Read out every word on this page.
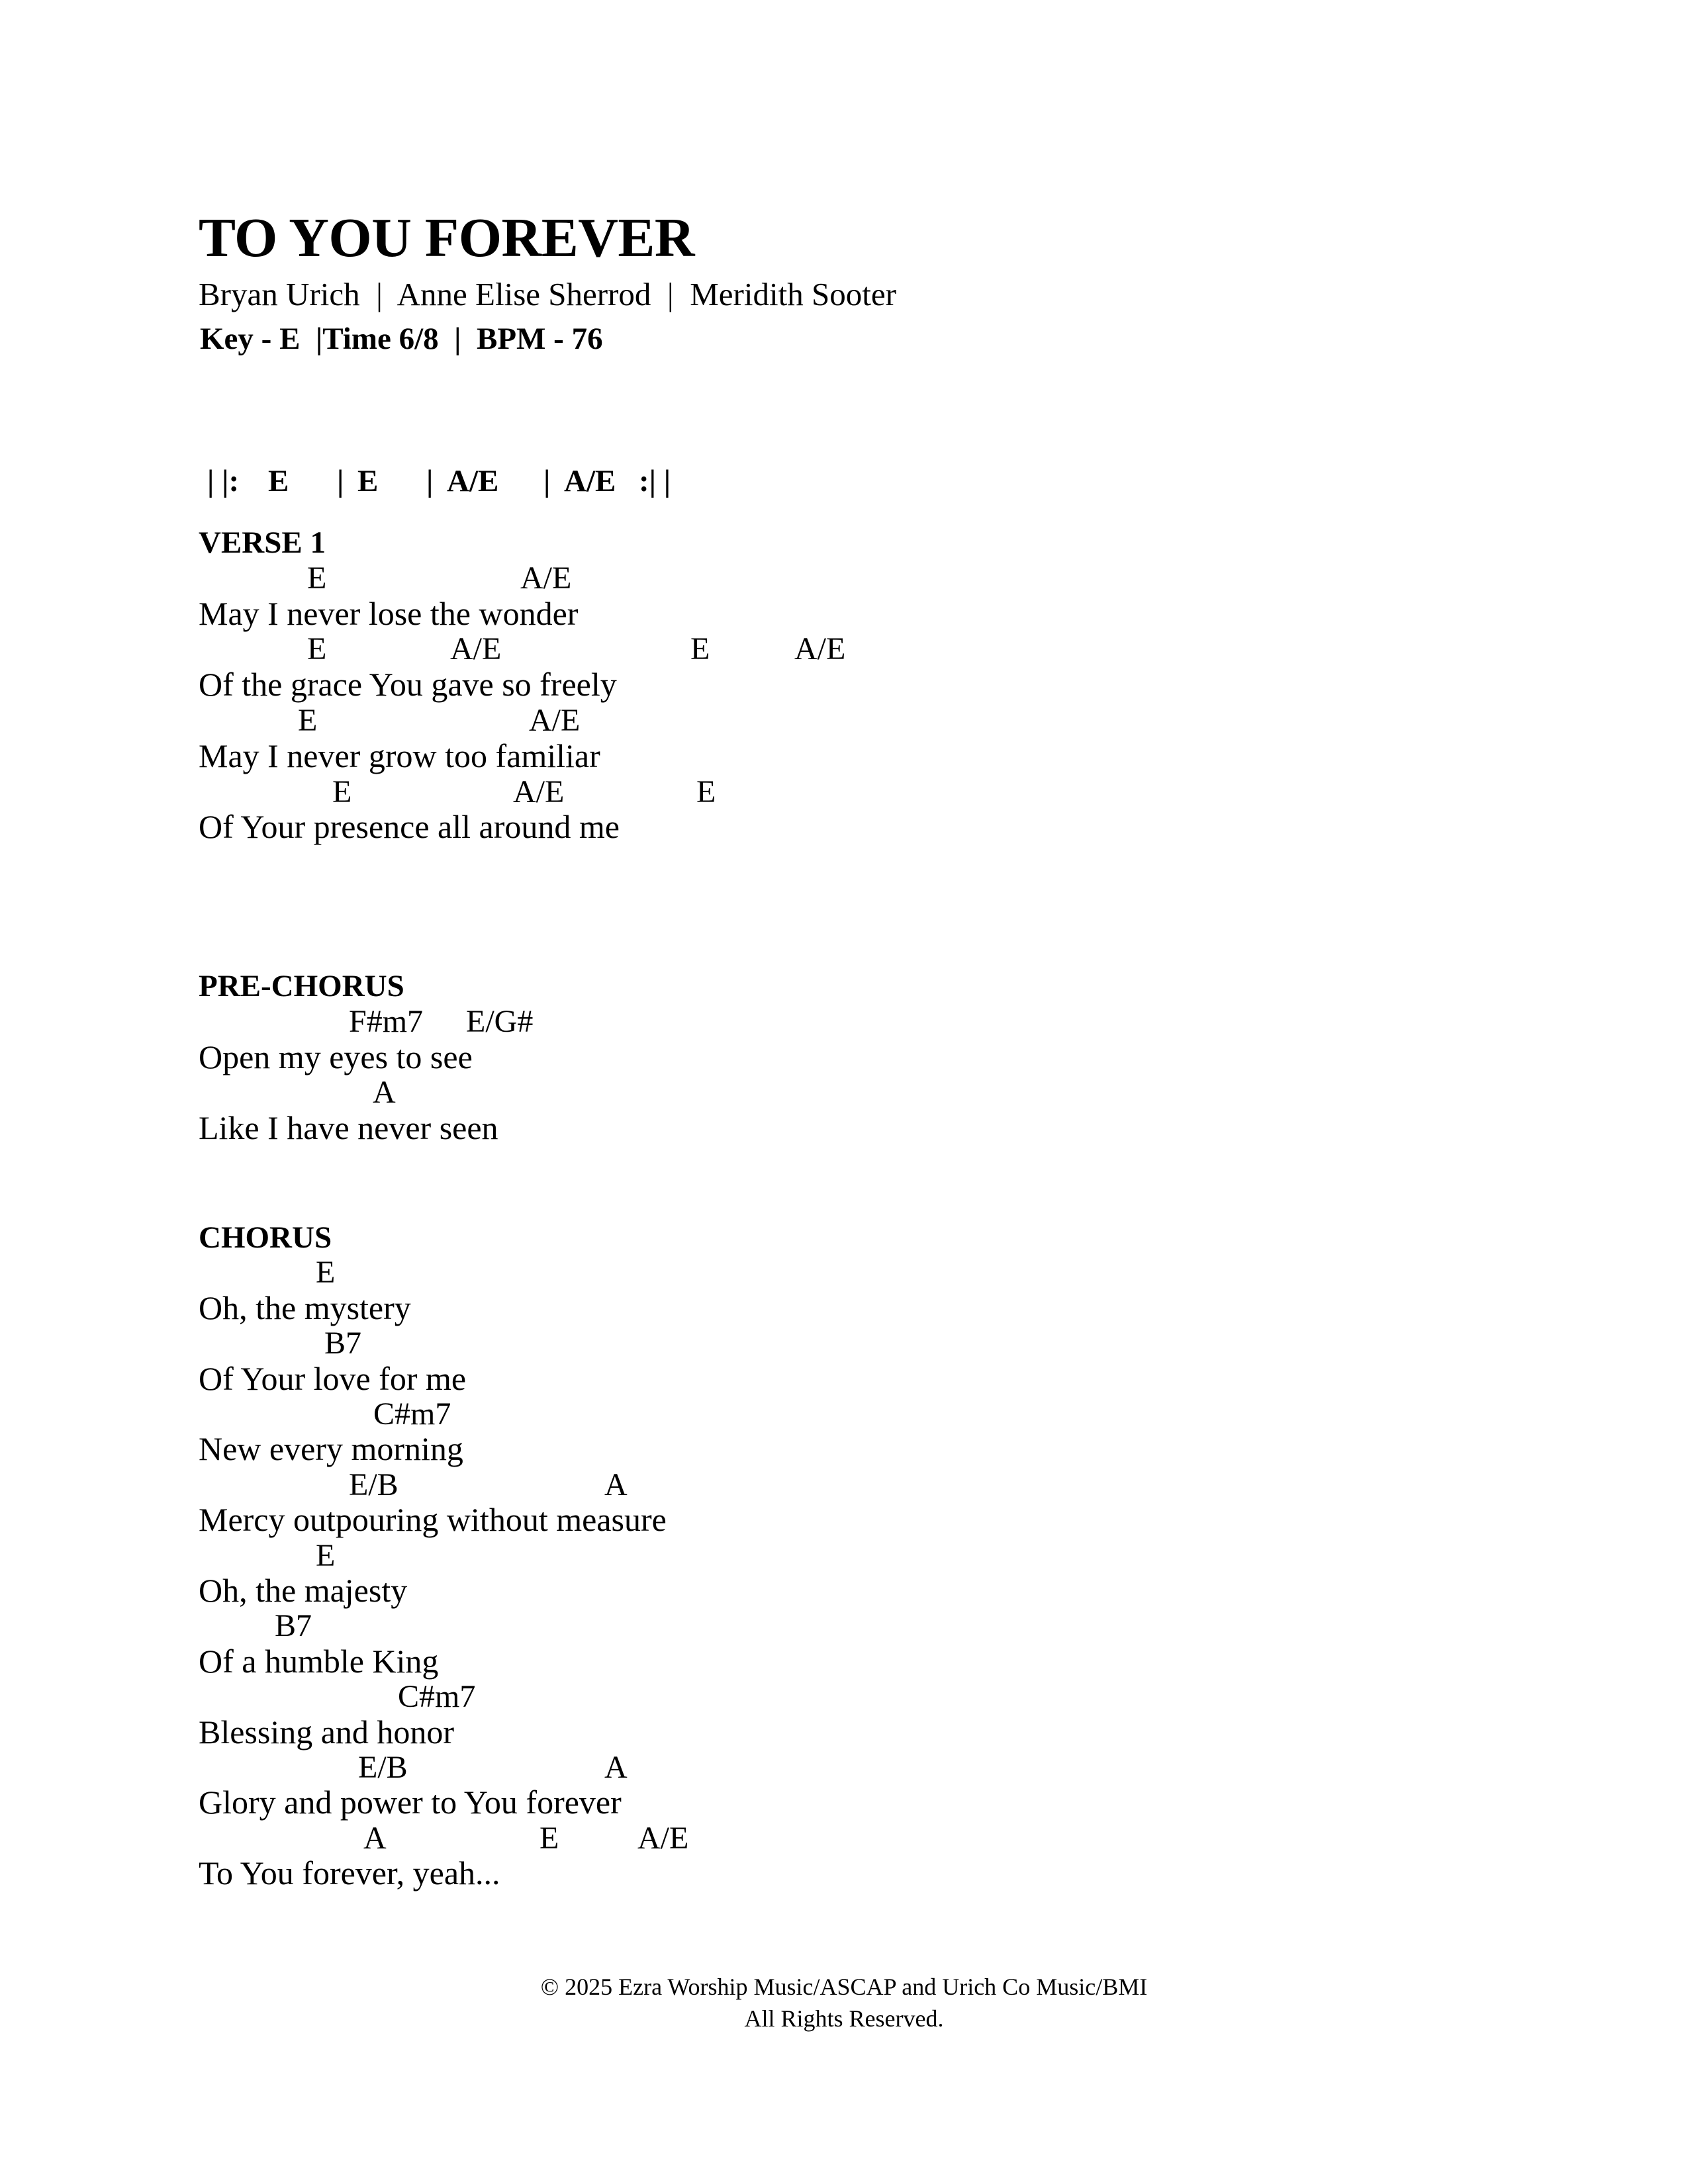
TO YOU FOREVER
Bryan Urich  |  Anne Elise Sherrod  |  Meridith Sooter
Key - E  |Time 6/8  |  BPM - 76
| |: E | E | A/E | A/E :| |
VERSE 1
E	A/E
May I never lose the wonder
E	A/E	E	A/E
Of the grace You gave so freely
E	A/E
May I never grow too familiar
E	A/E	E
Of Your presence all around me
PRE-CHORUS
F#m7 E/G#
Open my eyes to see
A
Like I have never seen
CHORUS
E
Oh, the mystery
B7
Of Your love for me
C#m7
New every morning
E/B	A
Mercy outpouring without measure
E
Oh, the majesty
B7
Of a humble King
C#m7
Blessing and honor
E/B	A
Glory and power to You forever
A	E A/E
To You forever, yeah...
© 2025 Ezra Worship Music/ASCAP and Urich Co Music/BMI
All Rights Reserved.
